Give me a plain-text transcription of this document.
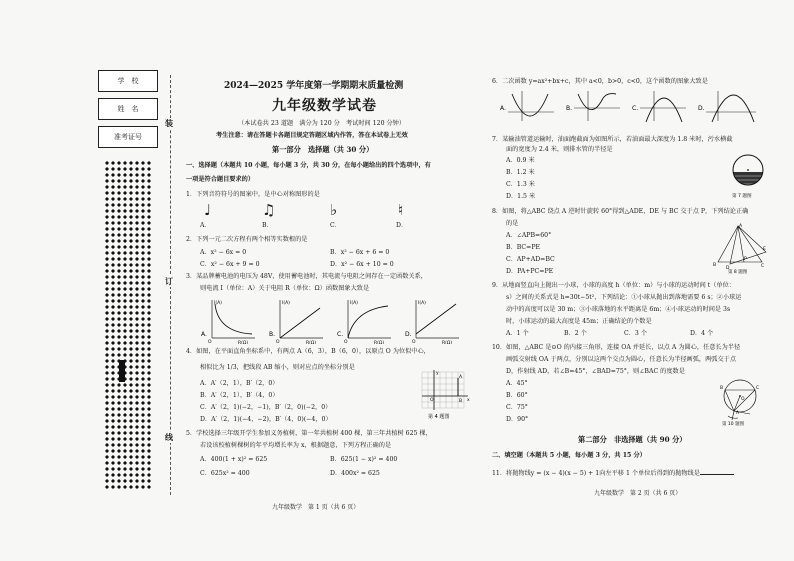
学　校
姓　名
准考证号
装
订
线
2024—2025 学年度第一学期期末质量检测
九年级数学试卷
（本试卷共 23 道题　满分为 120 分　考试时间 120 分钟）
考生注意：请在答题卡各题目规定答题区域内作答，答在本试卷上无效
第一部分　选择题（共 30 分）
一、选择题（本题共 10 小题，每小题 3 分，共 30 分，在每小题给出的四个选项中，有
一项是符合题目要求的）
1．下列音符符号的图案中，是中心对称图形的是
♩	♫	♭	♮
A．	B．	C．	D．
2．下列一元二次方程有两个相等实数根的是
A．x² − 6x = 0	B．x² − 6x + 6 = 0
C．x² − 6x + 9 = 0	D．x² − 6x + 10 = 0
3．某品牌蓄电池的电压为 48V，使用蓄电池时，其电流与电阻之间存在一定函数关系，
则电流 I（单位：A）关于电阻 R（单位：Ω）函数图象大致是
I(A)
R(Ω)
A.
O
I(A)
R(Ω)
B.
O
I(A)
R(Ω)
C.
O
I(A)
R(Ω)
D.
O
4．如图，在平面直角坐标系中，有两点 A（6，3），B（6，0），以原点 O 为位似中心，
相似比为 1/3，把线段 AB 缩小，则对应点的坐标分别是
A．A′（2，1），B′（2，0）
B．A′（2，1），B′（4，0）
C．A′（2，1)(−2，−1)，B′（2，0)(−2，0）
D．A′（2，1)(−4，−2)，B′（4，0)(−4，0）
y
x
O
A
B
第 4 题图
5．学校选择三年级开学生参加义务植树，第一年共植树 400 棵，第三年共植树 625 棵，
若设该校植树棵树的年平均增长率为 x，根据题意，下列方程正确的是
A．400(1 + x)² = 625	B．625(1 − x)² = 400
C．625x² = 400	D．400x² = 625
九年级数学　第 1 页（共 6 页）
6．二次函数 y=ax²+bx+c，其中 a<0，b>0，c<0，这个函数的图象大致是
A.	B.	C.	D.
7．某输油管道运输时，油面跑截面为如图所示，若油面最大深度为 1.8 米时，污水横截
面的宽度为 2.4 米，则排水管的半径是
A．0.9 米
B．1.2 米
C．1.3 米
D．1.5 米	第 7 题图
8．如图，将△ABC 绕点 A 逆时针旋转 60°得到△ADE，DE 与 BC 交于点 P，下列结论正确
的是
A．∠APB=60°
B．BC=PE
C．AP+AD=BC
D．PA+PC=PE
A
B	C
D
E
P
第 8 题图
9．从地面竖直向上抛出一小球，小球的高度 h（单位：m）与小球的运动时间 t（单位：
s）之间的关系式是 h=30t−5t²，下列结论：①小球从抛出到落地需要 6 s；②小球运
动中的高度可以是 30 m；③小球落地的水平距离是 6m；④小球运动的时间是 3s
时，小球运动的最大高度是 45m；正确结论的个数是
A．1 个	B．2 个	C．3 个	D．4 个
10．如图，△ABC 是⊙O 的内接三角形，连接 OA 并延长，以点 A 为圆心，任意长为半径
画弧交射线 OA 于两点，分别以这两个交点为圆心，任意长为半径画弧，两弧交于点
D，作射线 AD，若∠B=45°，∠BAD=75°，则∠BAC 的度数是
A．45°
B．60°
C．75°
D．90°
B	C
O
A
第 10 题图
第二部分　非选择题（共 90 分）
二、填空题（本题共 5 小题，每小题 3 分，共 15 分）
11．将抛物线y = (x − 4)(x − 5) + 1向左平移 1 个单位后得到的抛物线是
九年级数学　第 2 页（共 6 页）
